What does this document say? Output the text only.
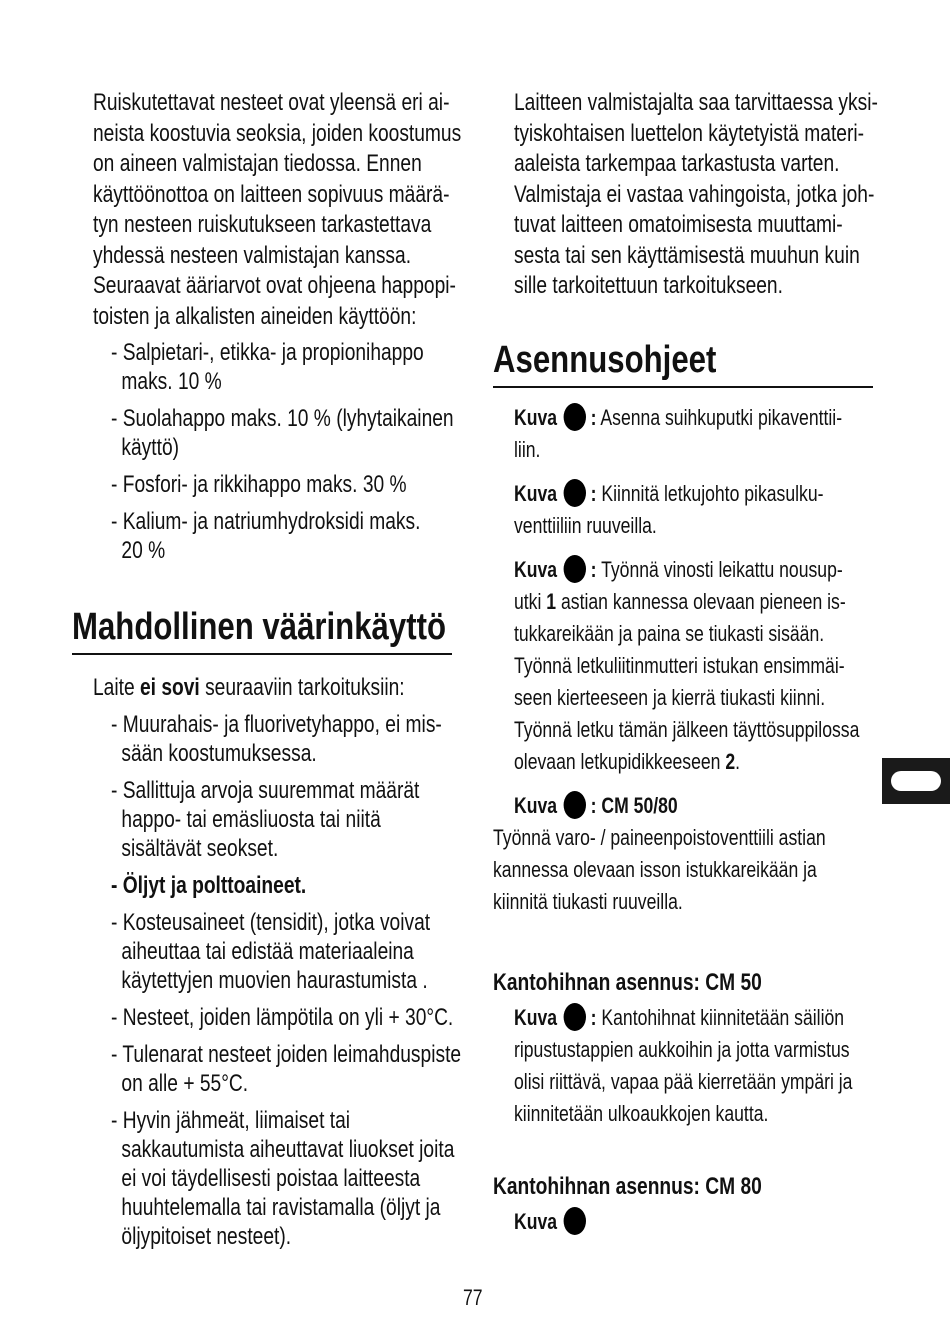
Ruiskutettavat nesteet ovat yleensä eri ai-
neista koostuvia seoksia, joiden koostumus
on aineen valmistajan tiedossa. Ennen
käyttöönottoa on laitteen sopivuus määrä-
tyn nesteen ruiskutukseen tarkastettava
yhdessä nesteen valmistajan kanssa.
Seuraavat ääriarvot ovat ohjeena happopi-
toisten ja alkalisten aineiden käyttöön:
- Salpietari-, etikka- ja propionihappo
maks. 10 %
- Suolahappo maks. 10 % (lyhytaikainen
käyttö)
- Fosfori- ja rikkihappo maks. 30 %
- Kalium- ja natriumhydroksidi maks.
20 %
Mahdollinen väärinkäyttö
Laite ei sovi seuraaviin tarkoituksiin:
- Muurahais- ja fluorivetyhappo, ei mis-
sään koostumuksessa.
- Sallittuja arvoja suuremmat määrät
happo- tai emäsliuosta tai niitä
sisältävät seokset.
- Öljyt ja polttoaineet.
- Kosteusaineet (tensidit), jotka voivat
aiheuttaa tai edistää materiaaleina
käytettyjen muovien haurastumista .
- Nesteet, joiden lämpötila on yli + 30°C.
- Tulenarat nesteet joiden leimahduspiste
on alle + 55°C.
- Hyvin jähmeät, liimaiset tai
sakkautumista aiheuttavat liuokset joita
ei voi täydellisesti poistaa laitteesta
huuhtelemalla tai ravistamalla (öljyt ja
öljypitoiset nesteet).
Laitteen valmistajalta saa tarvittaessa yksi-
tyiskohtaisen luettelon käytetyistä materi-
aaleista tarkempaa tarkastusta varten.
Valmistaja ei vastaa vahingoista, jotka joh-
tuvat laitteen omatoimisesta muuttami-
sesta tai sen käyttämisestä muuhun kuin
sille tarkoitettuun tarkoitukseen.
Asennusohjeet
Kuva : Asenna suihkuputki pikaventtii-
liin.
Kuva : Kiinnitä letkujohto pikasulku-
venttiiliin ruuveilla.
Kuva : Työnnä vinosti leikattu nousup-
utki 1 astian kannessa olevaan pieneen is-
tukkareikään ja paina se tiukasti sisään.
Työnnä letkuliitinmutteri istukan ensimmäi-
seen kierteeseen ja kierrä tiukasti kiinni.
Työnnä letku tämän jälkeen täyttösuppilossa
olevaan letkupidikkeeseen 2.
Kuva : CM 50/80
Työnnä varo- / paineenpoistoventtiili astian
kannessa olevaan isson istukkareikään ja
kiinnitä tiukasti ruuveilla.
Kantohihnan asennus: CM 50
Kuva : Kantohihnat kiinnitetään säiliön
ripustustappien aukkoihin ja jotta varmistus
olisi riittävä, vapaa pää kierretään ympäri ja
kiinnitetään ulkoaukkojen kautta.
Kantohihnan asennus: CM 80
Kuva
77
